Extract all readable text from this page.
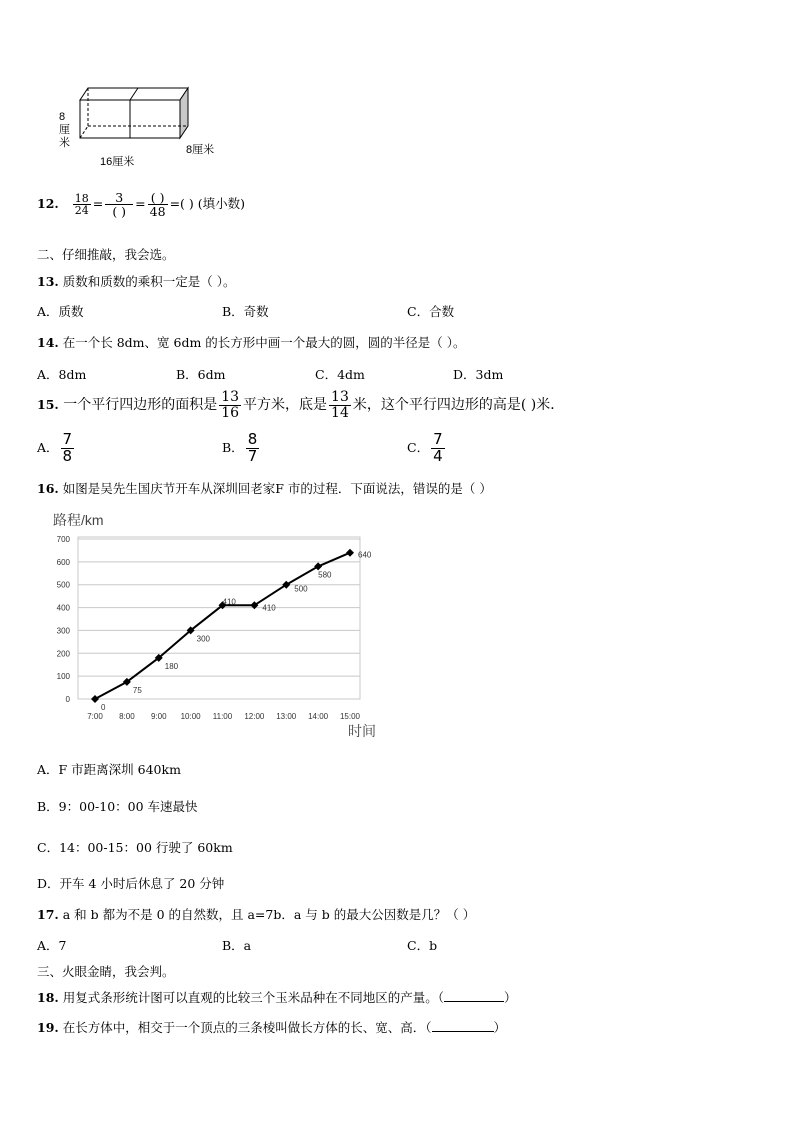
8
厘
米
16厘米
8厘米
12. $\frac{18}{24} = \frac{3}{( )} = \frac{( )}{48}$ =( ) (填小数)
二、仔细推敲，我会选。
13. 质数和质数的乘积一定是（ ）。
A．质数	B．奇数	C．合数
14. 在一个长 8dm、宽 6dm 的长方形中画一个最大的圆，圆的半径是（ ）。
A．8dm	B．6dm	C．4dm	D．3dm
15. 一个平行四边形的面积是 $\frac{13}{16}$ 平方米，底是 $\frac{13}{14}$ 米，这个平行四边形的高是( )米．
A． $\frac{7}{8}$	B． $\frac{8}{7}$	C． $\frac{7}{4}$
16. 如图是吴先生国庆节开车从深圳回老家F 市的过程．下面说法，错误的是（ ）
路程/km
时间
0
100
200
300
400
500
600
700
7:00 8:00 9:00 10:00 11:00 12:00 13:00 14:00 15:00
0
75
180
300
410
410
500
580
640
A．F 市距离深圳 640km
B．9：00-10：00 车速最快
C．14：00-15：00 行驶了 60km
D．开车 4 小时后休息了 20 分钟
17. a 和 b 都为不是 0 的自然数，且 a=7b．a 与 b 的最大公因数是几？（ ）
A．7	B．a	C．b
三、火眼金睛，我会判。
18. 用复式条形统计图可以直观的比较三个玉米品种在不同地区的产量。（	）
19. 在长方体中，相交于一个顶点的三条棱叫做长方体的长、宽、高．（	）
